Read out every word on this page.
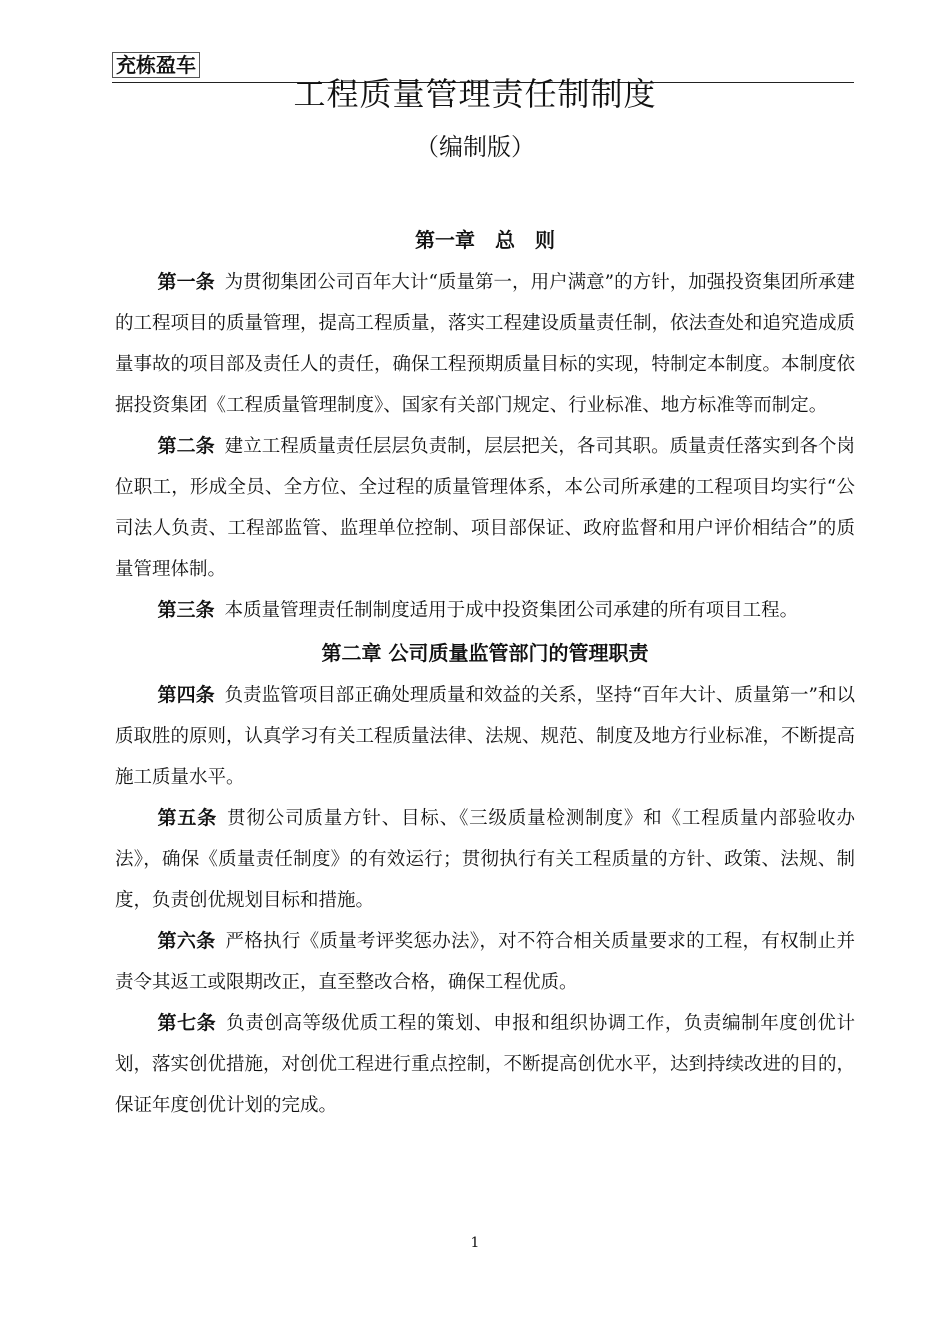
充栋盈车
工程质量管理责任制制度
（编制版）
第一章　总　则

第一条 为贯彻集团公司百年大计“质量第一，用户满意”的方针，加强投资集团所承建的工程项目的质量管理，提高工程质量，落实工程建设质量责任制，依法查处和追究造成质量事故的项目部及责任人的责任，确保工程预期质量目标的实现，特制定本制度。本制度依据投资集团《工程质量管理制度》、国家有关部门规定、行业标准、地方标准等而制定。

第二条 建立工程质量责任层层负责制，层层把关，各司其职。质量责任落实到各个岗位职工，形成全员、全方位、全过程的质量管理体系，本公司所承建的工程项目均实行“公司法人负责、工程部监管、监理单位控制、项目部保证、政府监督和用户评价相结合”的质量管理体制。

第三条 本质量管理责任制制度适用于成中投资集团公司承建的所有项目工程。

第二章 公司质量监管部门的管理职责

第四条 负责监管项目部正确处理质量和效益的关系，坚持“百年大计、质量第一”和以质取胜的原则，认真学习有关工程质量法律、法规、规范、制度及地方行业标准，不断提高施工质量水平。

第五条 贯彻公司质量方针、目标、《三级质量检测制度》和《工程质量内部验收办法》，确保《质量责任制度》的有效运行；贯彻执行有关工程质量的方针、政策、法规、制度，负责创优规划目标和措施。

第六条 严格执行《质量考评奖惩办法》，对不符合相关质量要求的工程，有权制止并责令其返工或限期改正，直至整改合格，确保工程优质。

第七条 负责创高等级优质工程的策划、申报和组织协调工作，负责编制年度创优计划，落实创优措施，对创优工程进行重点控制，不断提高创优水平，达到持续改进的目的，保证年度创优计划的完成。

1
